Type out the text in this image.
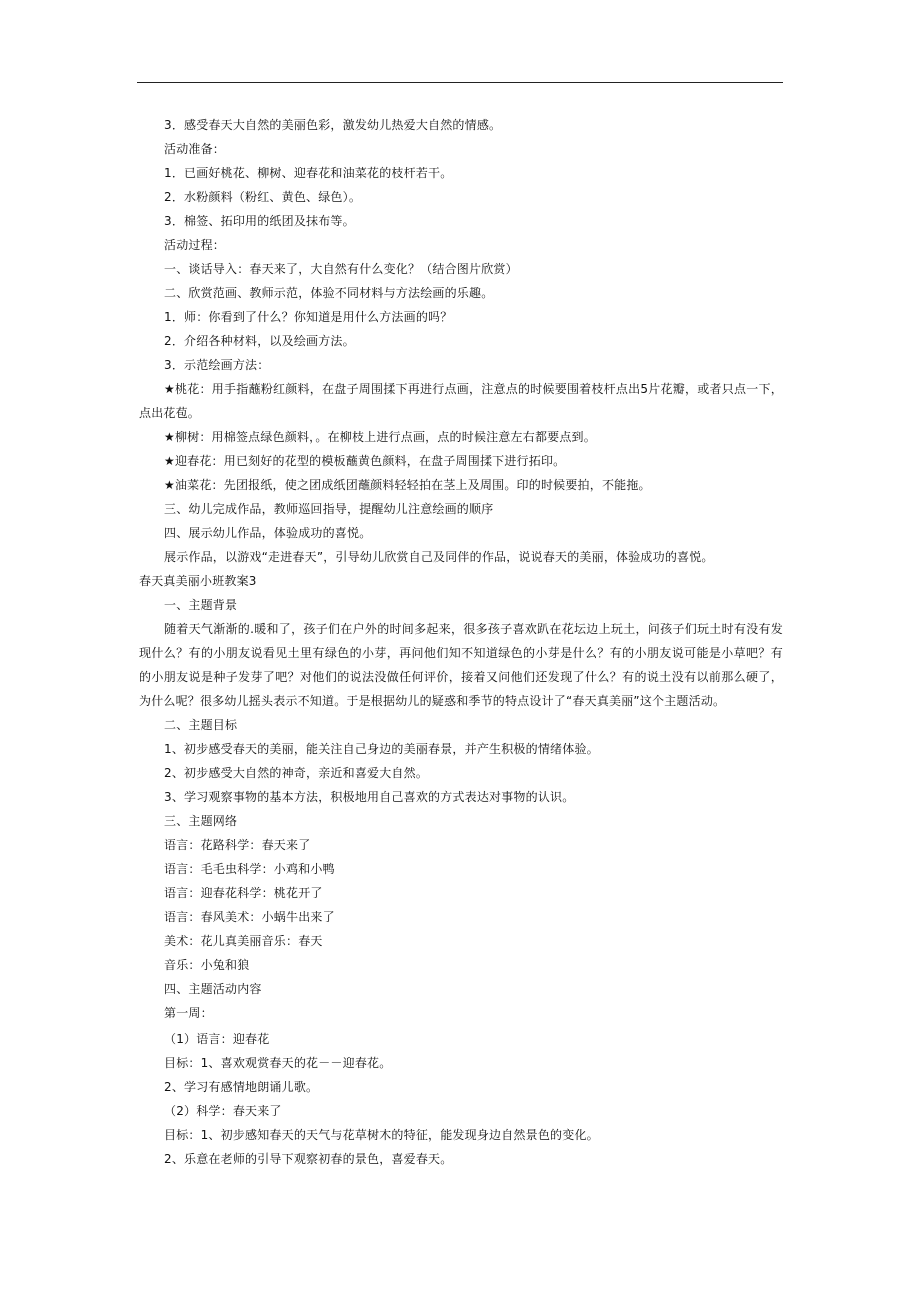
3．感受春天大自然的美丽色彩，激发幼儿热爱大自然的情感。
活动准备：
1．已画好桃花、柳树、迎春花和油菜花的枝杆若干。
2．水粉颜料（粉红、黄色、绿色）。
3．棉签、拓印用的纸团及抹布等。
活动过程：
一、谈话导入：春天来了，大自然有什么变化？（结合图片欣赏）
二、欣赏范画、教师示范，体验不同材料与方法绘画的乐趣。
1．师：你看到了什么？你知道是用什么方法画的吗？
2．介绍各种材料，以及绘画方法。
3．示范绘画方法：
★桃花：用手指蘸粉红颜料，在盘子周围揉下再进行点画，注意点的时候要围着枝杆点出5片花瓣，或者只点一下，
点出花苞。
★柳树：用棉签点绿色颜料，。在柳枝上进行点画，点的时候注意左右都要点到。
★迎春花：用已刻好的花型的模板蘸黄色颜料，在盘子周围揉下进行拓印。
★油菜花：先团报纸，使之团成纸团蘸颜料轻轻拍在茎上及周围。印的时候要拍，不能拖。
三、幼儿完成作品，教师巡回指导，提醒幼儿注意绘画的顺序
四、展示幼儿作品，体验成功的喜悦。
展示作品，以游戏“走进春天”，引导幼儿欣赏自己及同伴的作品，说说春天的美丽，体验成功的喜悦。
春天真美丽小班教案3
一、主题背景
随着天气渐渐的.暖和了，孩子们在户外的时间多起来，很多孩子喜欢趴在花坛边上玩土，问孩子们玩土时有没有发
现什么？有的小朋友说看见土里有绿色的小芽，再问他们知不知道绿色的小芽是什么？有的小朋友说可能是小草吧？有
的小朋友说是种子发芽了吧？对他们的说法没做任何评价，接着又问他们还发现了什么？有的说土没有以前那么硬了，
为什么呢？很多幼儿摇头表示不知道。于是根据幼儿的疑惑和季节的特点设计了“春天真美丽”这个主题活动。
二、主题目标
1、初步感受春天的美丽，能关注自己身边的美丽春景，并产生积极的情绪体验。
2、初步感受大自然的神奇，亲近和喜爱大自然。
3、学习观察事物的基本方法，积极地用自己喜欢的方式表达对事物的认识。
三、主题网络
语言：花路科学：春天来了
语言：毛毛虫科学：小鸡和小鸭
语言：迎春花科学：桃花开了
语言：春风美术：小蜗牛出来了
美术：花儿真美丽音乐：春天
音乐：小兔和狼
四、主题活动内容
第一周：
（1）语言：迎春花
目标：1、喜欢观赏春天的花－－迎春花。
2、学习有感情地朗诵儿歌。
（2）科学：春天来了
目标：1、初步感知春天的天气与花草树木的特征，能发现身边自然景色的变化。
2、乐意在老师的引导下观察初春的景色，喜爱春天。
